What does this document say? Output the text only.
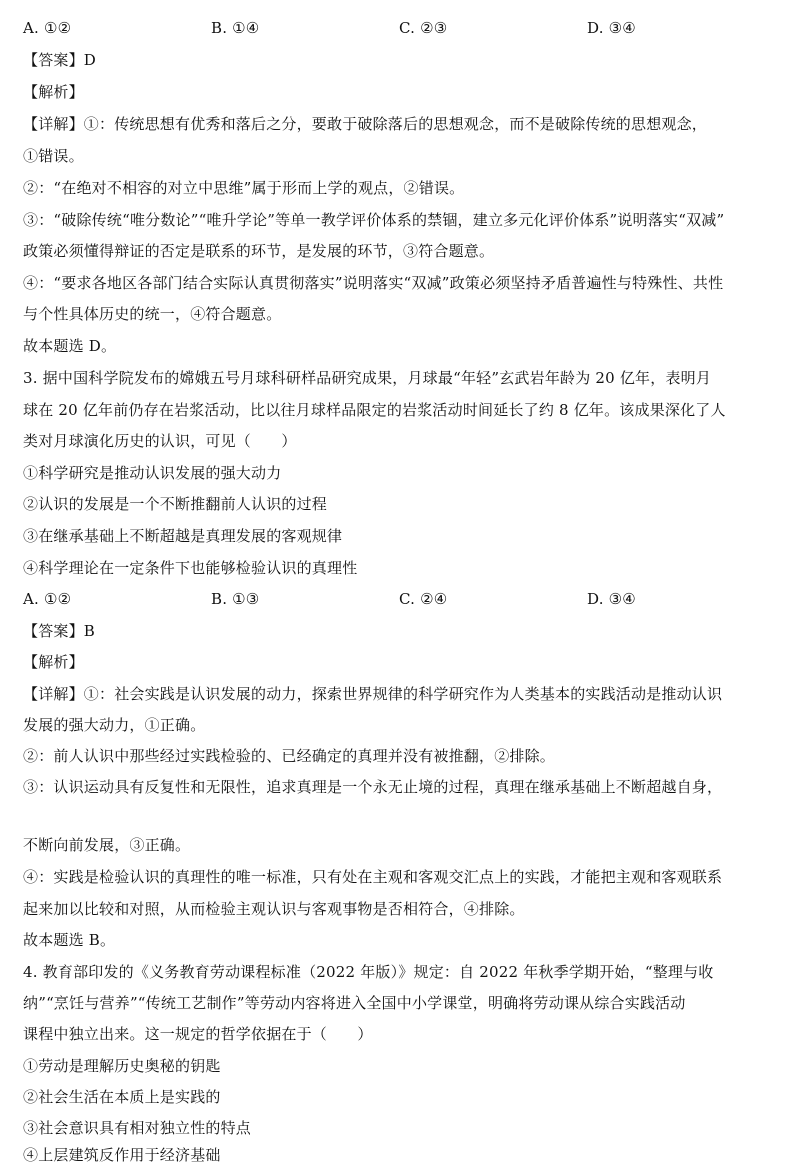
A. ①②	B. ①④	C. ②③	D. ③④
【答案】D
【解析】
【详解】①：传统思想有优秀和落后之分，要敢于破除落后的思想观念，而不是破除传统的思想观念，
①错误。
②：“在绝对不相容的对立中思维”属于形而上学的观点，②错误。
③：“破除传统“唯分数论”“唯升学论”等单一教学评价体系的禁锢，建立多元化评价体系”说明落实“双减”
政策必须懂得辩证的否定是联系的环节，是发展的环节，③符合题意。
④：“要求各地区各部门结合实际认真贯彻落实”说明落实“双减”政策必须坚持矛盾普遍性与特殊性、共性
与个性具体历史的统一，④符合题意。
故本题选 D。
3. 据中国科学院发布的嫦娥五号月球科研样品研究成果，月球最“年轻”玄武岩年龄为 20 亿年，表明月
球在 20 亿年前仍存在岩浆活动，比以往月球样品限定的岩浆活动时间延长了约 8 亿年。该成果深化了人
类对月球演化历史的认识，可见（　　）
①科学研究是推动认识发展的强大动力
②认识的发展是一个不断推翻前人认识的过程
③在继承基础上不断超越是真理发展的客观规律
④科学理论在一定条件下也能够检验认识的真理性
A. ①②	B. ①③	C. ②④	D. ③④
【答案】B
【解析】
【详解】①：社会实践是认识发展的动力，探索世界规律的科学研究作为人类基本的实践活动是推动认识
发展的强大动力，①正确。
②：前人认识中那些经过实践检验的、已经确定的真理并没有被推翻，②排除。
③：认识运动具有反复性和无限性，追求真理是一个永无止境的过程，真理在继承基础上不断超越自身，
不断向前发展，③正确。
④：实践是检验认识的真理性的唯一标准，只有处在主观和客观交汇点上的实践，才能把主观和客观联系
起来加以比较和对照，从而检验主观认识与客观事物是否相符合，④排除。
故本题选 B。
4. 教育部印发的《义务教育劳动课程标准（2022 年版）》规定：自 2022 年秋季学期开始，“整理与收
纳”“烹饪与营养”“传统工艺制作”等劳动内容将进入全国中小学课堂，明确将劳动课从综合实践活动
课程中独立出来。这一规定的哲学依据在于（　　）
①劳动是理解历史奥秘的钥匙
②社会生活在本质上是实践的
③社会意识具有相对独立性的特点
④上层建筑反作用于经济基础
